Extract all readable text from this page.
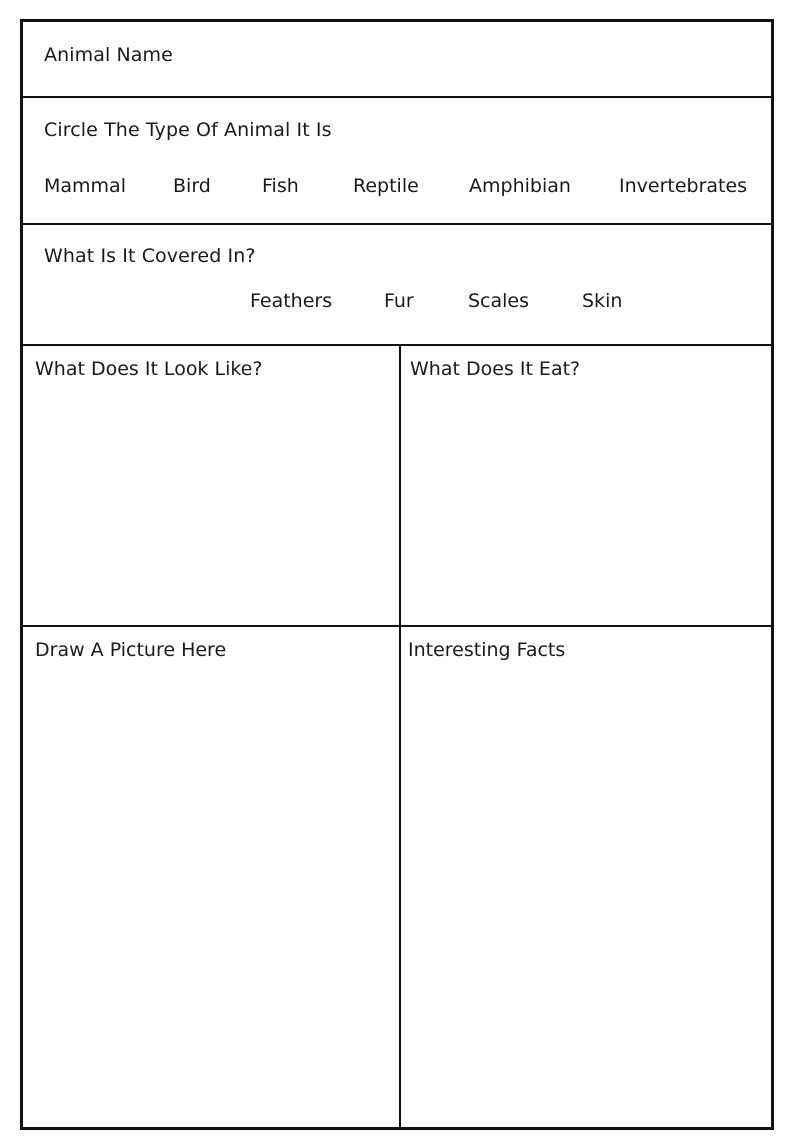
Animal Name
Circle The Type Of Animal It Is
Mammal Bird	Fish	Reptile	Amphibian	Invertebrates
What Is It Covered In?
Feathers	Fur	Scales	Skin
What Does It Look Like?	What Does It Eat?
Draw A Picture Here	Interesting Facts
